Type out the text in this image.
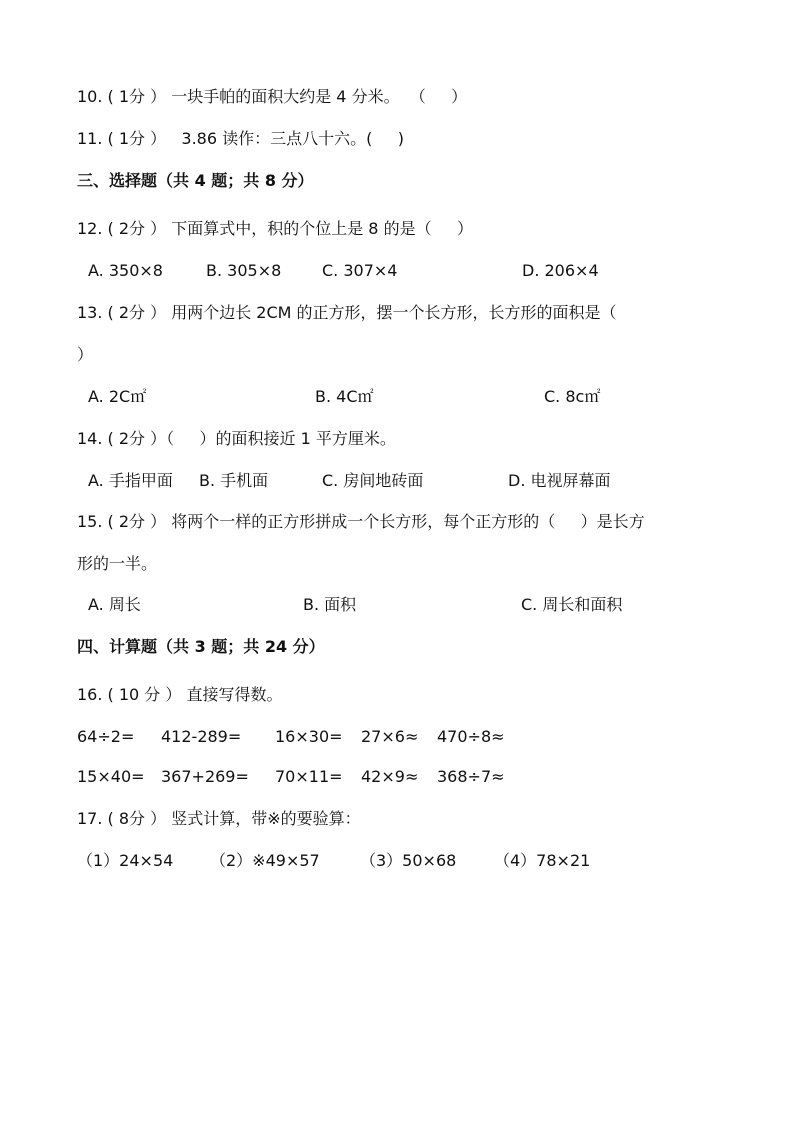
10. ( 1分 ） 一块手帕的面积大约是 4 分米。  （     ）
11. ( 1分 ）   3.86 读作：三点八十六。(     )
三、选择题（共 4 题；共 8 分）
12. ( 2分 ） 下面算式中，积的个位上是 8 的是（     ）
A. 350×8	B. 305×8	C. 307×4	D. 206×4
13. ( 2分 ） 用两个边长 2CM 的正方形，摆一个长方形，长方形的面积是（
）
A. 2C㎡	B. 4C㎡	C. 8c㎡
14. ( 2分 ）（     ）的面积接近 1 平方厘米。
A. 手指甲面 B. 手机面	C. 房间地砖面	D. 电视屏幕面
15. ( 2分 ） 将两个一样的正方形拼成一个长方形，每个正方形的（     ）是长方
形的一半。
A. 周长	B. 面积	C. 周长和面积
四、计算题（共 3 题；共 24 分）
16. ( 10 分 ） 直接写得数。
64÷2= 412-289= 16×30= 27×6≈ 470÷8≈
15×40= 367+269= 70×11= 42×9≈ 368÷7≈
17. ( 8分 ） 竖式计算，带※的要验算：
（1）24×54 （2）※49×57	（3）50×68 （4）78×21
